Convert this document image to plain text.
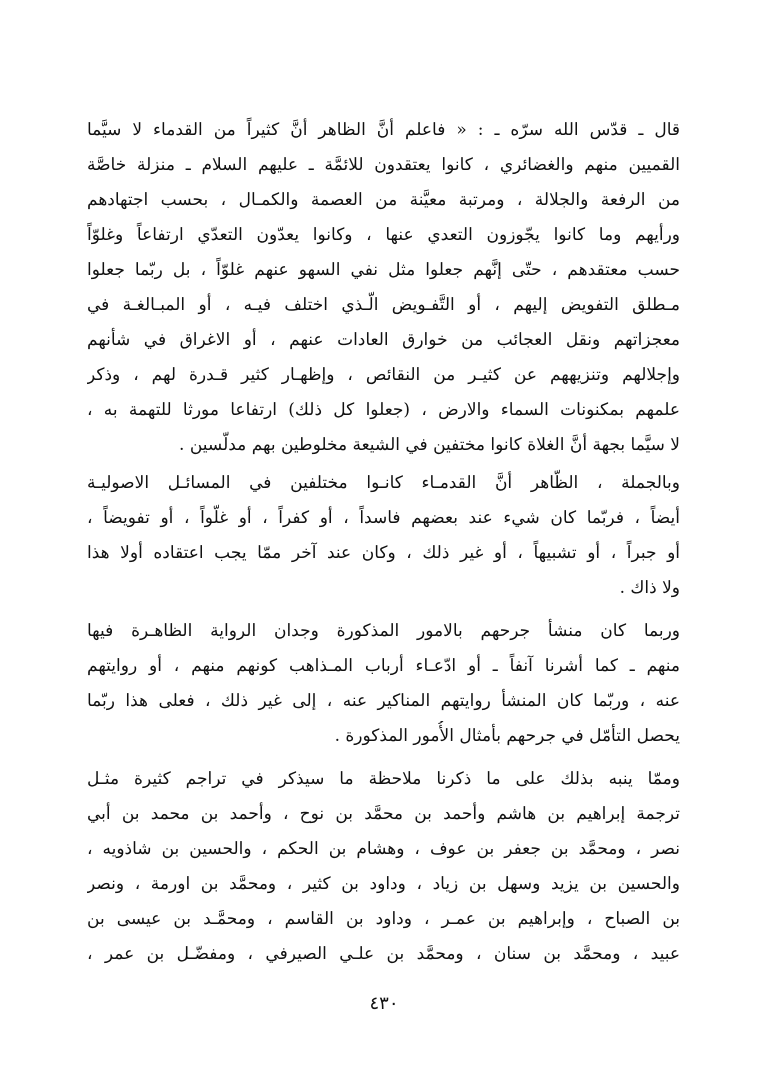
قال ـ قدّس الله سرّه ـ : « فاعلم أنَّ الظاهر أنَّ كثيراً من القدماء لا سيَّما
القميين منهم والغضائري ، كانوا يعتقدون للائمَّة ـ عليهم السلام ـ منزلة خاصَّة
من الرفعة والجلالة ، ومرتبة معيَّنة من العصمة والكمـال ، بحسب اجتهادهم
ورأيهم وما كانوا يجّوزون التعدي عنها ، وكانوا يعدّون التعدّي ارتفاعاً وغلوّاً
حسب معتقدهم ، حتّى إنَّهم جعلوا مثل نفي السهو عنهم غلوّاً ، بل ربّما جعلوا
مـطلق التفويض إليهم ، أو التَّفـويض الّـذي اختلف فيـه ، أو المبـالغـة في
معجزاتهم ونقل العجائب من خوارق العادات عنهم ، أو الاغراق في شأنهم
وإجلالهم وتنزيههم عن كثيـر من النقائص ، وإظهـار كثير قـدرة لهم ، وذكر
علمهم بمكنونات السماء والارض ، (جعلوا كل ذلك) ارتفاعا مورثا للتهمة به ،
لا سيَّما بجهة أنَّ الغلاة كانوا مختفين في الشيعة مخلوطين بهم مدلّسين .
وبالجملة ، الظّاهر أنَّ القدمـاء كانـوا مختلفين في المسائـل الاصوليـة
أيضاً ، فربّما كان شيء عند بعضهم فاسداً ، أو كفراً ، أو غلّواً ، أو تفويضاً ،
أو جبراً ، أو تشبيهاً ، أو غير ذلك ، وكان عند آخر ممّا يجب اعتقاده أولا هذا
ولا ذاك .
وربما كان منشأ جرحهم بالامور المذكورة وجدان الرواية الظاهـرة فيها
منهم ـ كما أشرنا آنفاً ـ أو ادّعـاء أرباب المـذاهب كونهم منهم ، أو روايتهم
عنه ، وربّما كان المنشأ روايتهم المناكير عنه ، إلى غير ذلك ، فعلى هذا ربّما
يحصل التأمّل في جرحهم بأمثال الأُمور المذكورة .
وممّا ينبه بذلك على ما ذكرنا ملاحظة ما سيذكر في تراجم كثيرة مثـل
ترجمة إبراهيم بن هاشم وأحمد بن محمَّد بن نوح ، وأحمد بن محمد بن أبي
نصر ، ومحمَّد بن جعفر بن عوف ، وهشام بن الحكم ، والحسين بن شاذويه ،
والحسين بن يزيد وسهل بن زياد ، وداود بن كثير ، ومحمَّد بن اورمة ، ونصر
بن الصباح ، وإبراهيم بن عمـر ، وداود بن القاسم ، ومحمَّـد بن عيسى بن
عبيد ، ومحمَّد بن سنان ، ومحمَّد بن علـي الصيرفي ، ومفضّـل بن عمر ،
٤٣٠
